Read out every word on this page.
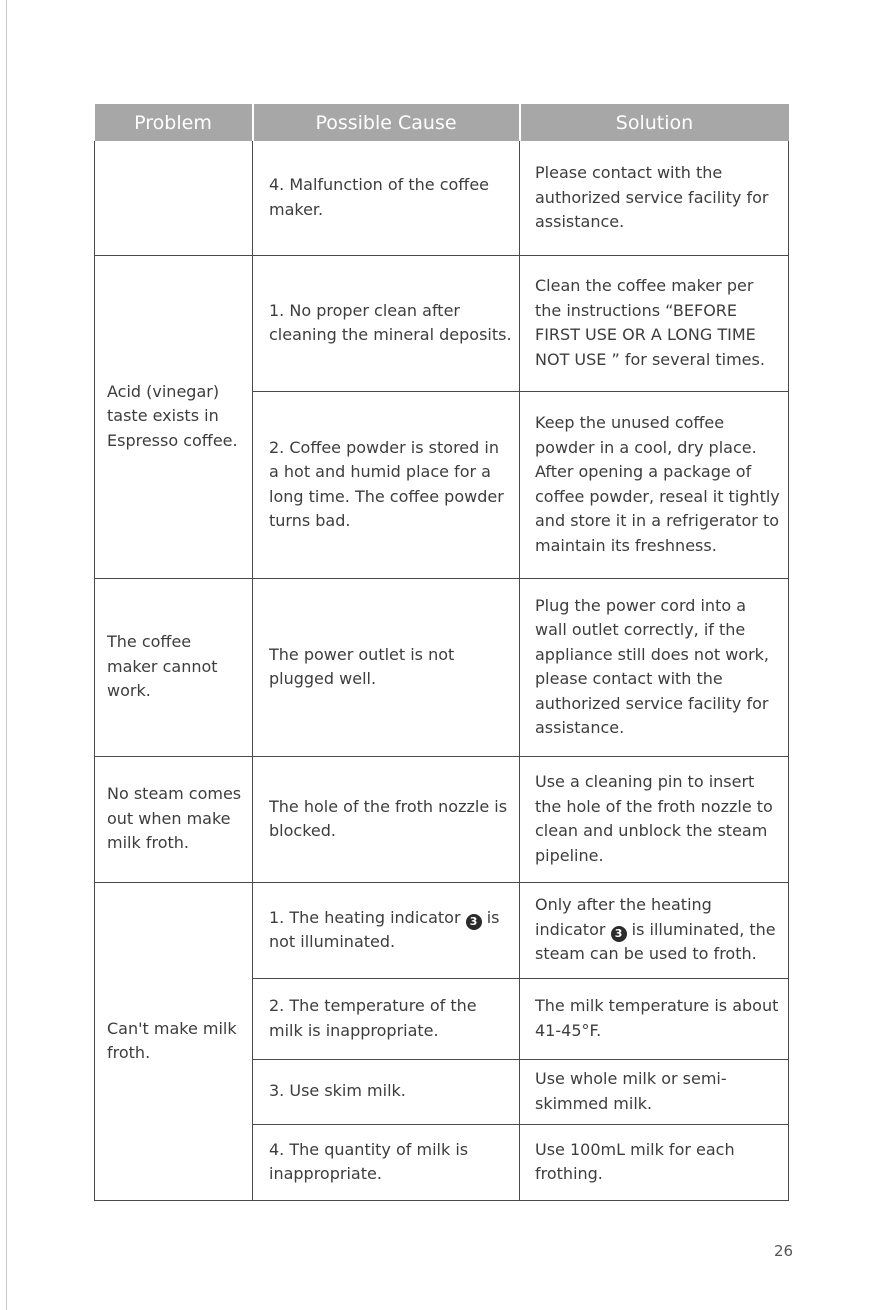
Problem	Possible Cause	Solution
	4. Malfunction of the coffee maker.	Please contact with the authorized service facility for assistance.
Acid (vinegar) taste exists in Espresso coffee.	1. No proper clean after cleaning the mineral deposits.	Clean the coffee maker per the instructions “BEFORE FIRST USE OR A LONG TIME NOT USE ” for several times.
	2. Coffee powder is stored in a hot and humid place for a long time. The coffee powder turns bad.	Keep the unused coffee powder in a cool, dry place. After opening a package of coffee powder, reseal it tightly and store it in a refrigerator to maintain its freshness.
The coffee maker cannot work.	The power outlet is not plugged well.	Plug the power cord into a wall outlet correctly, if the appliance still does not work, please contact with the authorized service facility for assistance.
No steam comes out when make milk froth.	The hole of the froth nozzle is blocked.	Use a cleaning pin to insert the hole of the froth nozzle to clean and unblock the steam pipeline.
Can't make milk froth.	1. The heating indicator 3 is not illuminated.	Only after the heating indicator 3 is illuminated, the steam can be used to froth.
	2. The temperature of the milk is inappropriate.	The milk temperature is about 41-45°F.
	3. Use skim milk.	Use whole milk or semi-skimmed milk.
	4. The quantity of milk is inappropriate.	Use 100mL milk for each frothing.
26
